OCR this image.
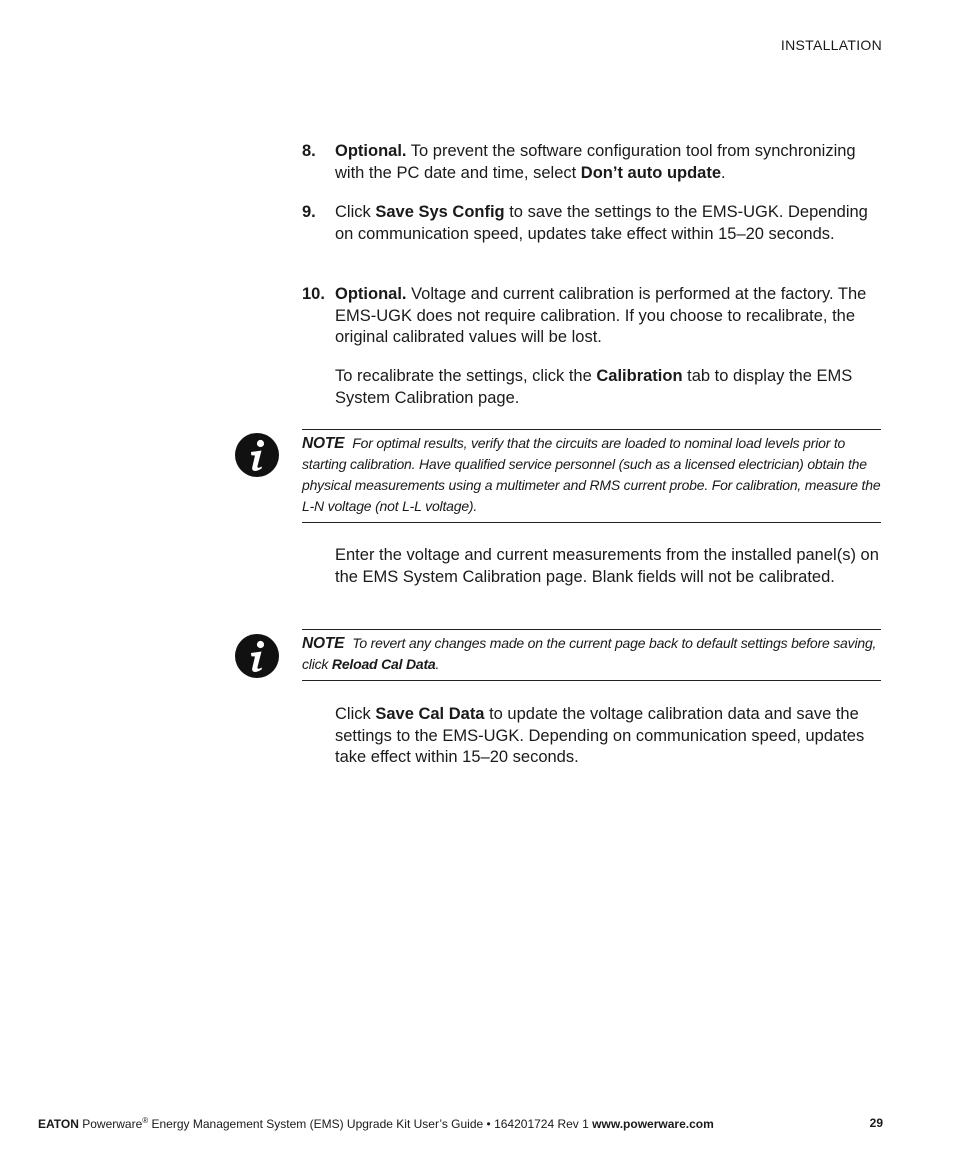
INSTALLATION
8. Optional. To prevent the software configuration tool from synchronizing with the PC date and time, select Don’t auto update.
9. Click Save Sys Config to save the settings to the EMS-UGK. Depending on communication speed, updates take effect within 15–20 seconds.
10. Optional. Voltage and current calibration is performed at the factory. The EMS-UGK does not require calibration. If you choose to recalibrate, the original calibrated values will be lost.
To recalibrate the settings, click the Calibration tab to display the EMS System Calibration page.
NOTE For optimal results, verify that the circuits are loaded to nominal load levels prior to starting calibration. Have qualified service personnel (such as a licensed electrician) obtain the physical measurements using a multimeter and RMS current probe. For calibration, measure the L-N voltage (not L-L voltage).
Enter the voltage and current measurements from the installed panel(s) on the EMS System Calibration page. Blank fields will not be calibrated.
NOTE To revert any changes made on the current page back to default settings before saving, click Reload Cal Data.
Click Save Cal Data to update the voltage calibration data and save the settings to the EMS-UGK. Depending on communication speed, updates take effect within 15–20 seconds.
EATON Powerware® Energy Management System (EMS) Upgrade Kit User’s Guide • 164201724 Rev 1 www.powerware.com	29
